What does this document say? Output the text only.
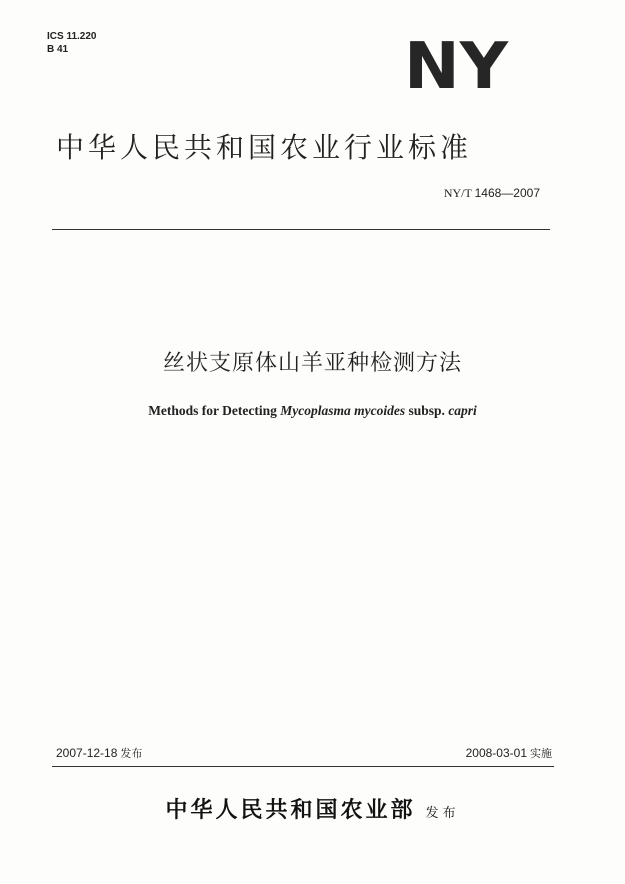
ICS 11.220
B 41	NY
中华人民共和国农业行业标准
NY/T 1468—2007
丝状支原体山羊亚种检测方法
Methods for Detecting Mycoplasma mycoides subsp. capri
2007-12-18 发布	2008-03-01 实施
中华人民共和国农业部 发布
